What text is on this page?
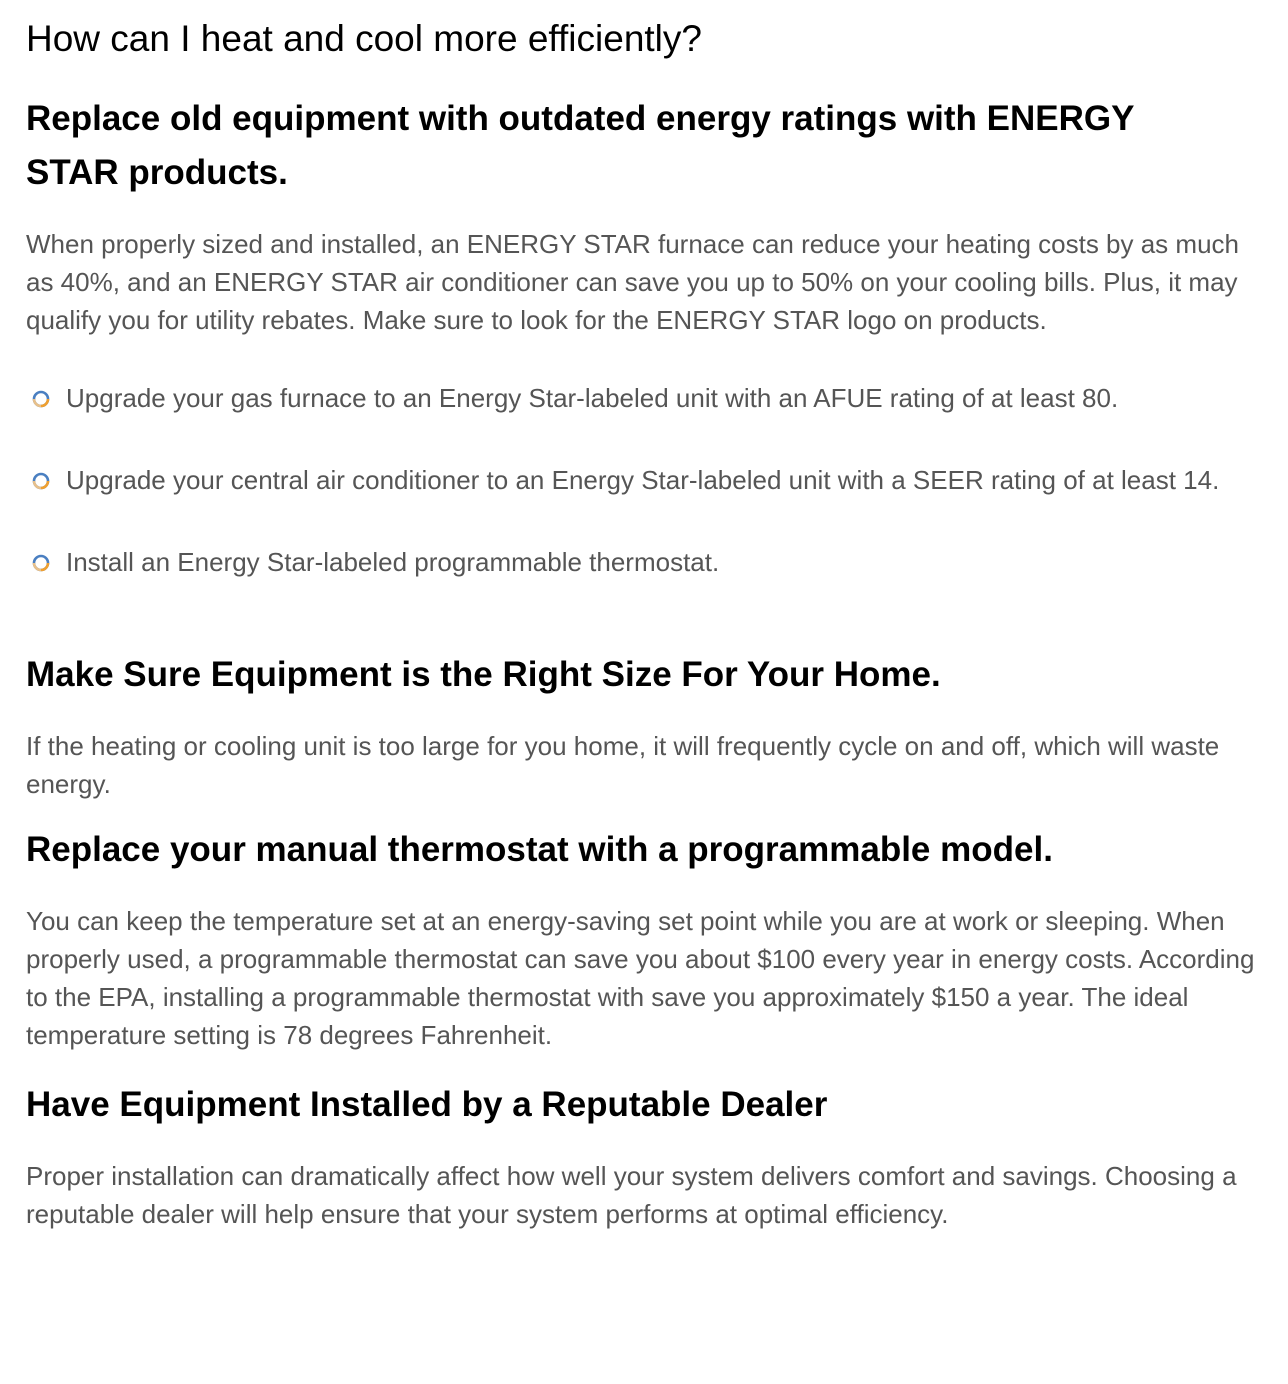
How can I heat and cool more efficiently?
Replace old equipment with outdated energy ratings with ENERGY STAR products.

When properly sized and installed, an ENERGY STAR furnace can reduce your heating costs by as much as 40%, and an ENERGY STAR air conditioner can save you up to 50% on your cooling bills. Plus, it may qualify you for utility rebates. Make sure to look for the ENERGY STAR logo on products.

Upgrade your gas furnace to an Energy Star-labeled unit with an AFUE rating of at least 80.
Upgrade your central air conditioner to an Energy Star-labeled unit with a SEER rating of at least 14.
Install an Energy Star-labeled programmable thermostat.
Make Sure Equipment is the Right Size For Your Home.

If the heating or cooling unit is too large for you home, it will frequently cycle on and off, which will waste energy.

Replace your manual thermostat with a programmable model.

You can keep the temperature set at an energy-saving set point while you are at work or sleeping. When properly used, a programmable thermostat can save you about $100 every year in energy costs. According to the EPA, installing a programmable thermostat with save you approximately $150 a year. The ideal temperature setting is 78 degrees Fahrenheit.

Have Equipment Installed by a Reputable Dealer

Proper installation can dramatically affect how well your system delivers comfort and savings. Choosing a reputable dealer will help ensure that your system performs at optimal efficiency.
